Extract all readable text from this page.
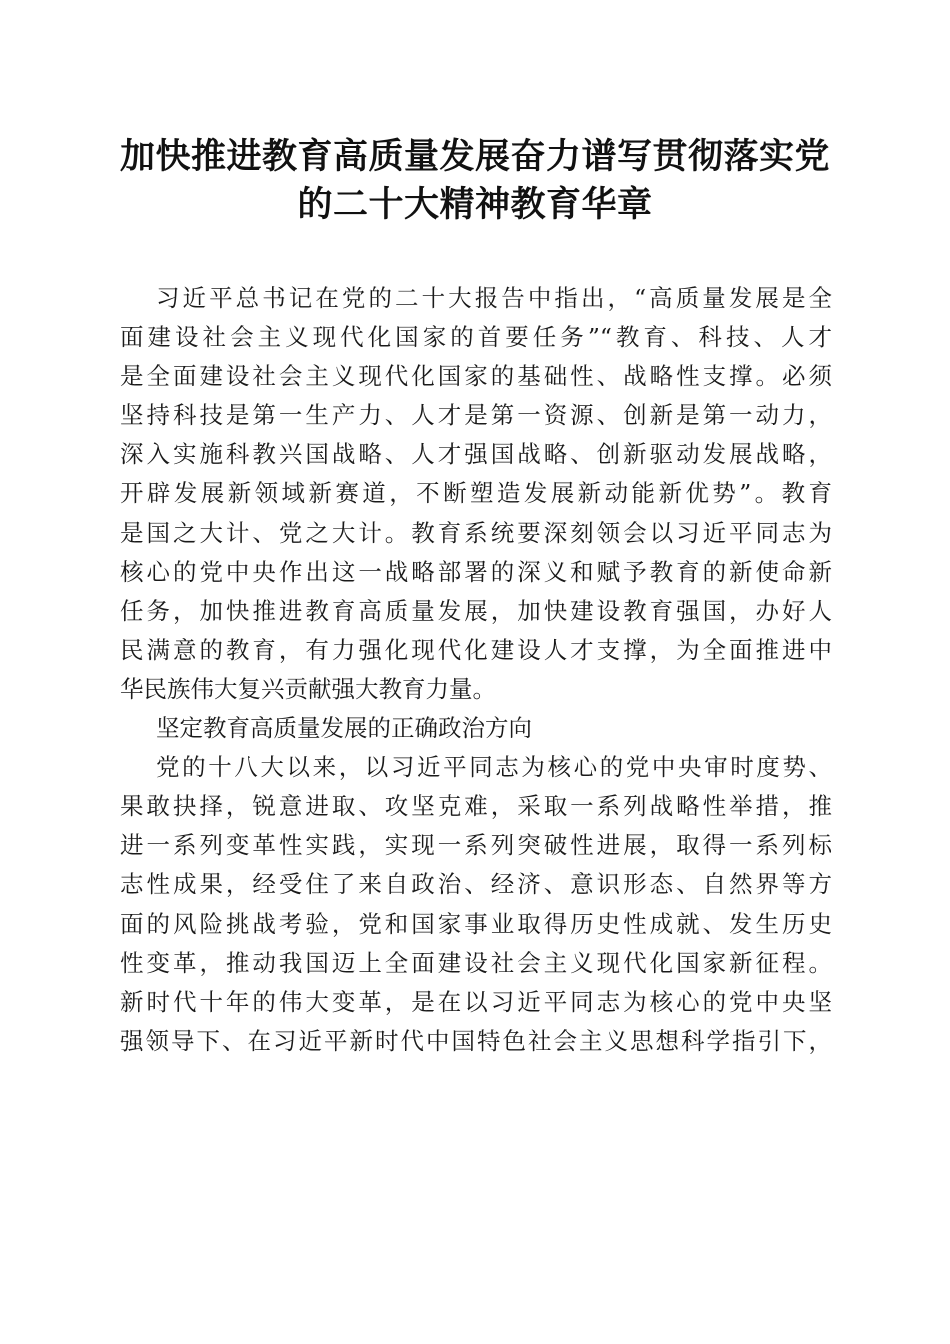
加快推进教育高质量发展奋力谱写贯彻落实党
的二十大精神教育华章
习近平总书记在党的二十大报告中指出，“高质量发展是全
面建设社会主义现代化国家的首要任务”“教育、科技、人才
是全面建设社会主义现代化国家的基础性、战略性支撑。必须
坚持科技是第一生产力、人才是第一资源、创新是第一动力，
深入实施科教兴国战略、人才强国战略、创新驱动发展战略，
开辟发展新领域新赛道，不断塑造发展新动能新优势”。教育
是国之大计、党之大计。教育系统要深刻领会以习近平同志为
核心的党中央作出这一战略部署的深义和赋予教育的新使命新
任务，加快推进教育高质量发展，加快建设教育强国，办好人
民满意的教育，有力强化现代化建设人才支撑，为全面推进中
华民族伟大复兴贡献强大教育力量。
坚定教育高质量发展的正确政治方向
党的十八大以来，以习近平同志为核心的党中央审时度势、
果敢抉择，锐意进取、攻坚克难，采取一系列战略性举措，推
进一系列变革性实践，实现一系列突破性进展，取得一系列标
志性成果，经受住了来自政治、经济、意识形态、自然界等方
面的风险挑战考验，党和国家事业取得历史性成就、发生历史
性变革，推动我国迈上全面建设社会主义现代化国家新征程。
新时代十年的伟大变革，是在以习近平同志为核心的党中央坚
强领导下、在习近平新时代中国特色社会主义思想科学指引下，
